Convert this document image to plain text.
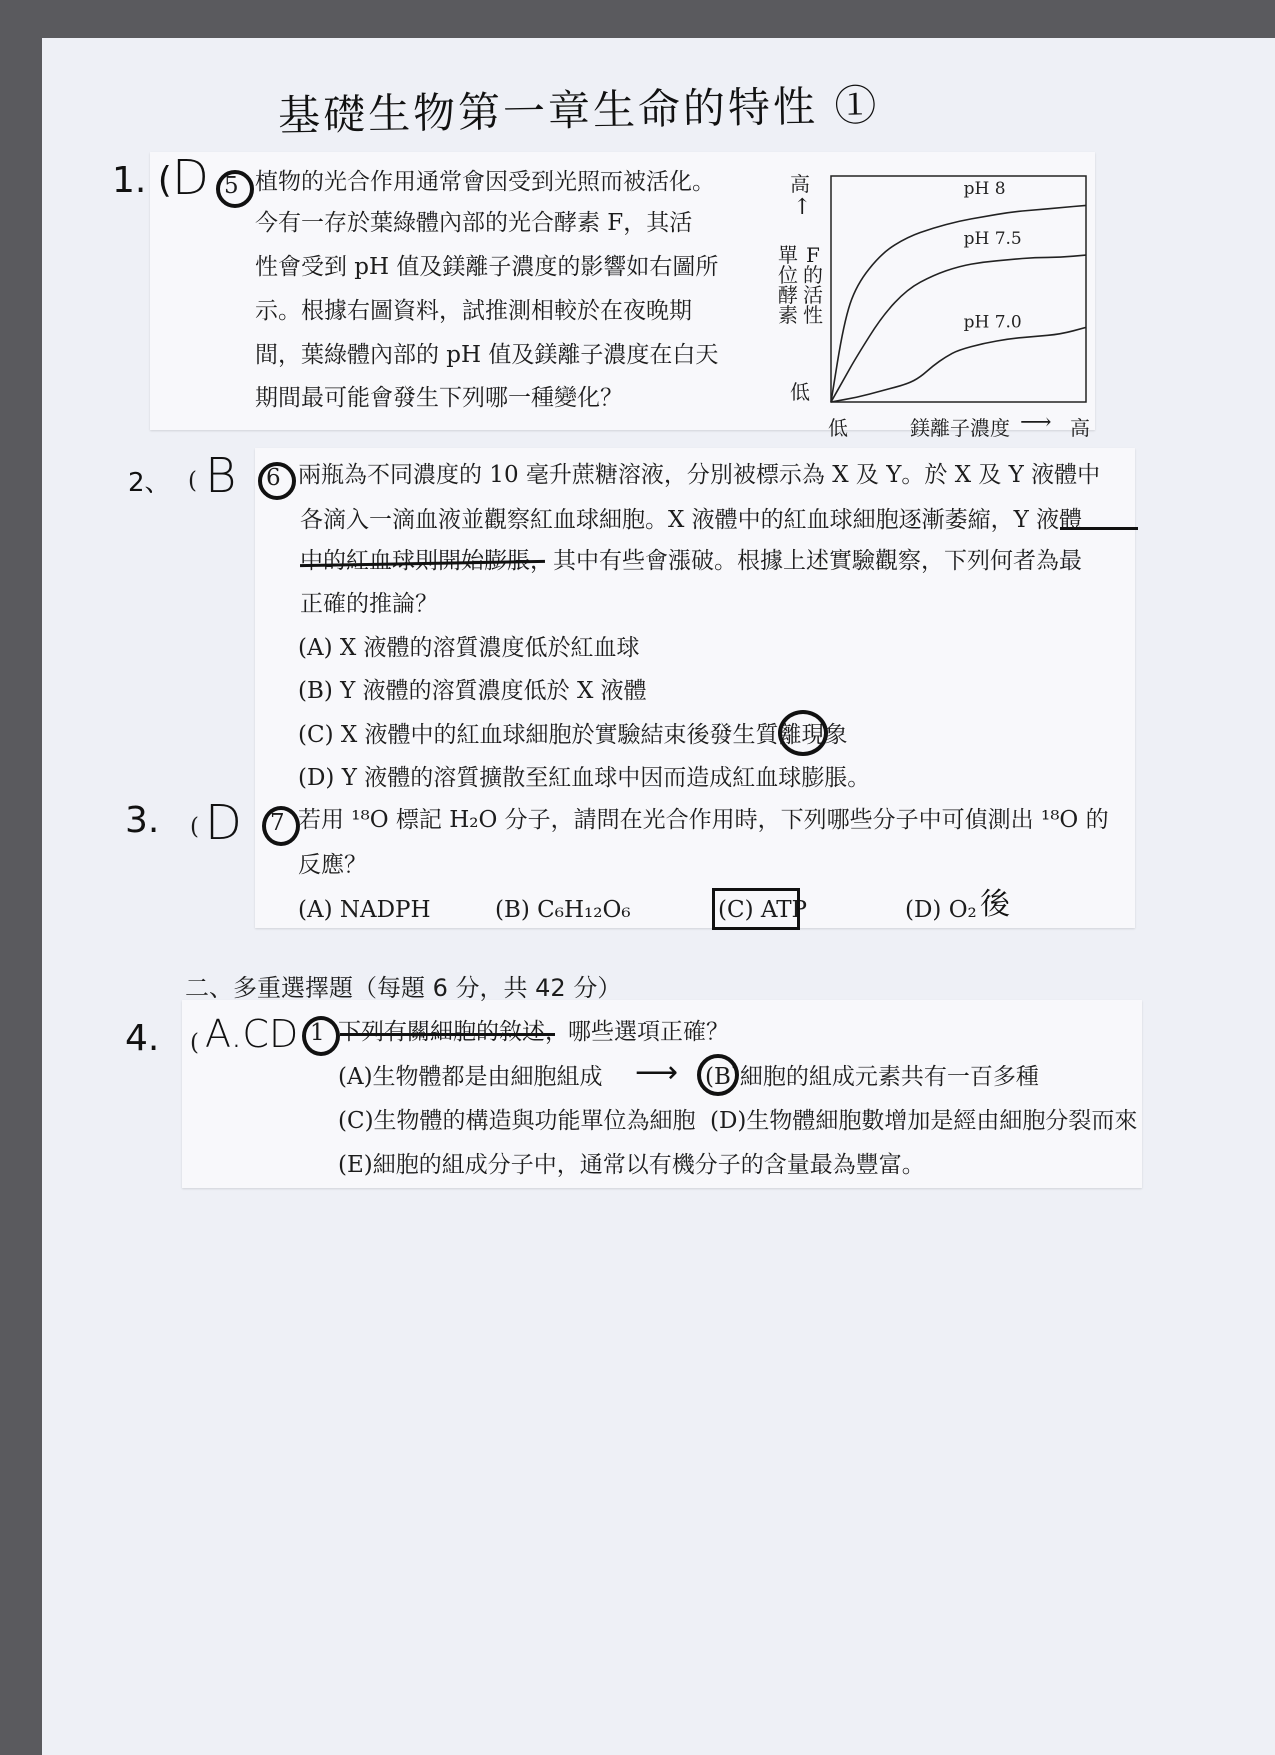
基礎生物第一章生命的特性 ①
1. ( D 5 植物的光合作用通常會因受到光照而被活化。
今有一存於葉綠體內部的光合酵素 F，其活
性會受到 pH 值及鎂離子濃度的影響如右圖所
示。根據右圖資料，試推測相較於在夜晚期
間，葉綠體內部的 pH 值及鎂離子濃度在白天
期間最可能會發生下列哪一種變化？
高
↑
單位酵素
F的活性
低
低	鎂離子濃度 ⟶ 高
pH 8
pH 7.5
pH 7.0
2、 ( B 6 兩瓶為不同濃度的 10 毫升蔗糖溶液，分別被標示為 X 及 Y。於 X 及 Y 液體中
各滴入一滴血液並觀察紅血球細胞。X 液體中的紅血球細胞逐漸萎縮，Y 液體
中的紅血球則開始膨脹，其中有些會漲破。根據上述實驗觀察，下列何者為最
正確的推論？
(A) X 液體的溶質濃度低於紅血球
(B) Y 液體的溶質濃度低於 X 液體
(C) X 液體中的紅血球細胞於實驗結束後發生質離現象
(D) Y 液體的溶質擴散至紅血球中因而造成紅血球膨脹。
3. ( D 7 若用 ¹⁸O 標記 H₂O 分子，請問在光合作用時，下列哪些分子中可偵測出 ¹⁸O 的
反應？
(A) NADPH	(B) C₆H₁₂O₆	(C) ATP	(D) O₂ 後
二、多重選擇題（每題 6 分，共 42 分）
4. ( A.CD 1 下列有關細胞的敘述，哪些選項正確？
(A)生物體都是由細胞組成	(B)細胞的組成元素共有一百多種
(C)生物體的構造與功能單位為細胞 (D)生物體細胞數增加是經由細胞分裂而來
(E)細胞的組成分子中，通常以有機分子的含量最為豐富。
⟶
